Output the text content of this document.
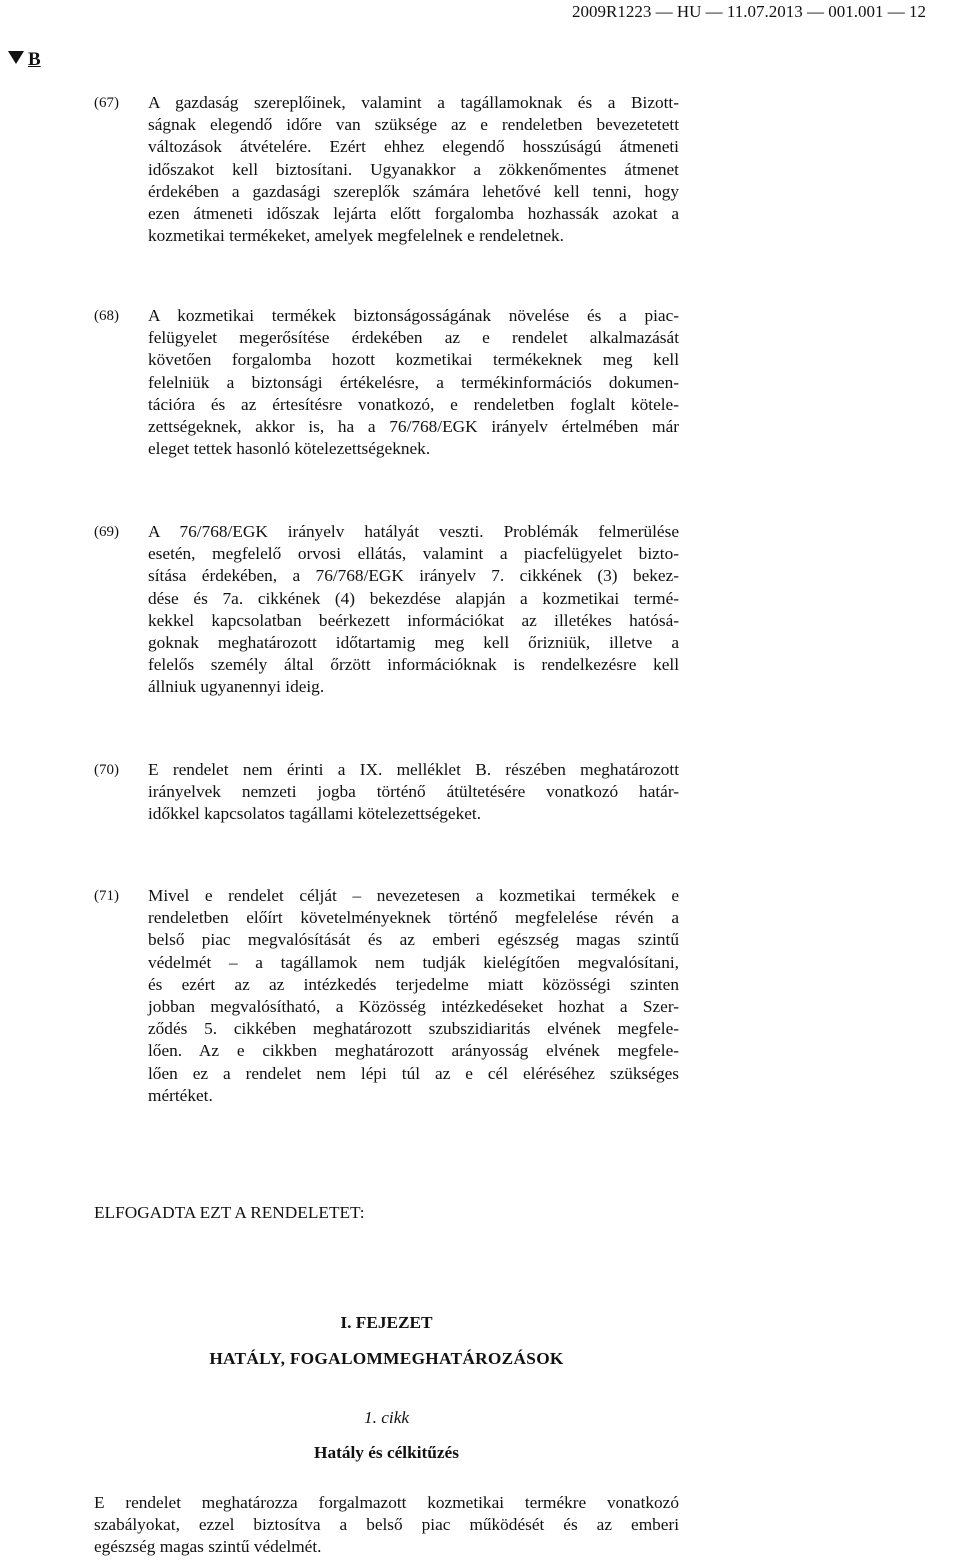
2009R1223 — HU — 11.07.2013 — 001.001 — 12
B
(67) A gazdaság szereplőinek, valamint a tagállamoknak és a Bizott-
ságnak elegendő időre van szüksége az e rendeletben bevezetetett
változások átvételére. Ezért ehhez elegendő hosszúságú átmeneti
időszakot kell biztosítani. Ugyanakkor a zökkenőmentes átmenet
érdekében a gazdasági szereplők számára lehetővé kell tenni, hogy
ezen átmeneti időszak lejárta előtt forgalomba hozhassák azokat a
kozmetikai termékeket, amelyek megfelelnek e rendeletnek.
(68) A kozmetikai termékek biztonságosságának növelése és a piac-
felügyelet megerősítése érdekében az e rendelet alkalmazását
követően forgalomba hozott kozmetikai termékeknek meg kell
felelniük a biztonsági értékelésre, a termékinformációs dokumen-
tációra és az értesítésre vonatkozó, e rendeletben foglalt kötele-
zettségeknek, akkor is, ha a 76/768/EGK irányelv értelmében már
eleget tettek hasonló kötelezettségeknek.
(69) A 76/768/EGK irányelv hatályát veszti. Problémák felmerülése
esetén, megfelelő orvosi ellátás, valamint a piacfelügyelet bizto-
sítása érdekében, a 76/768/EGK irányelv 7. cikkének (3) bekez-
dése és 7a. cikkének (4) bekezdése alapján a kozmetikai termé-
kekkel kapcsolatban beérkezett információkat az illetékes hatósá-
goknak meghatározott időtartamig meg kell őrizniük, illetve a
felelős személy által őrzött információknak is rendelkezésre kell
állniuk ugyanennyi ideig.
(70) E rendelet nem érinti a IX. melléklet B. részében meghatározott
irányelvek nemzeti jogba történő átültetésére vonatkozó határ-
időkkel kapcsolatos tagállami kötelezettségeket.
(71) Mivel e rendelet célját – nevezetesen a kozmetikai termékek e
rendeletben előírt követelményeknek történő megfelelése révén a
belső piac megvalósítását és az emberi egészség magas szintű
védelmét – a tagállamok nem tudják kielégítően megvalósítani,
és ezért az az intézkedés terjedelme miatt közösségi szinten
jobban megvalósítható, a Közösség intézkedéseket hozhat a Szer-
ződés 5. cikkében meghatározott szubszidiaritás elvének megfele-
lően. Az e cikkben meghatározott arányosság elvének megfele-
lően ez a rendelet nem lépi túl az e cél eléréséhez szükséges
mértéket.
ELFOGADTA EZT A RENDELETET:
I. FEJEZET
HATÁLY, FOGALOMMEGHATÁROZÁSOK
1. cikk
Hatály és célkitűzés
E rendelet meghatározza forgalmazott kozmetikai termékre vonatkozó
szabályokat, ezzel biztosítva a belső piac működését és az emberi
egészség magas szintű védelmét.
